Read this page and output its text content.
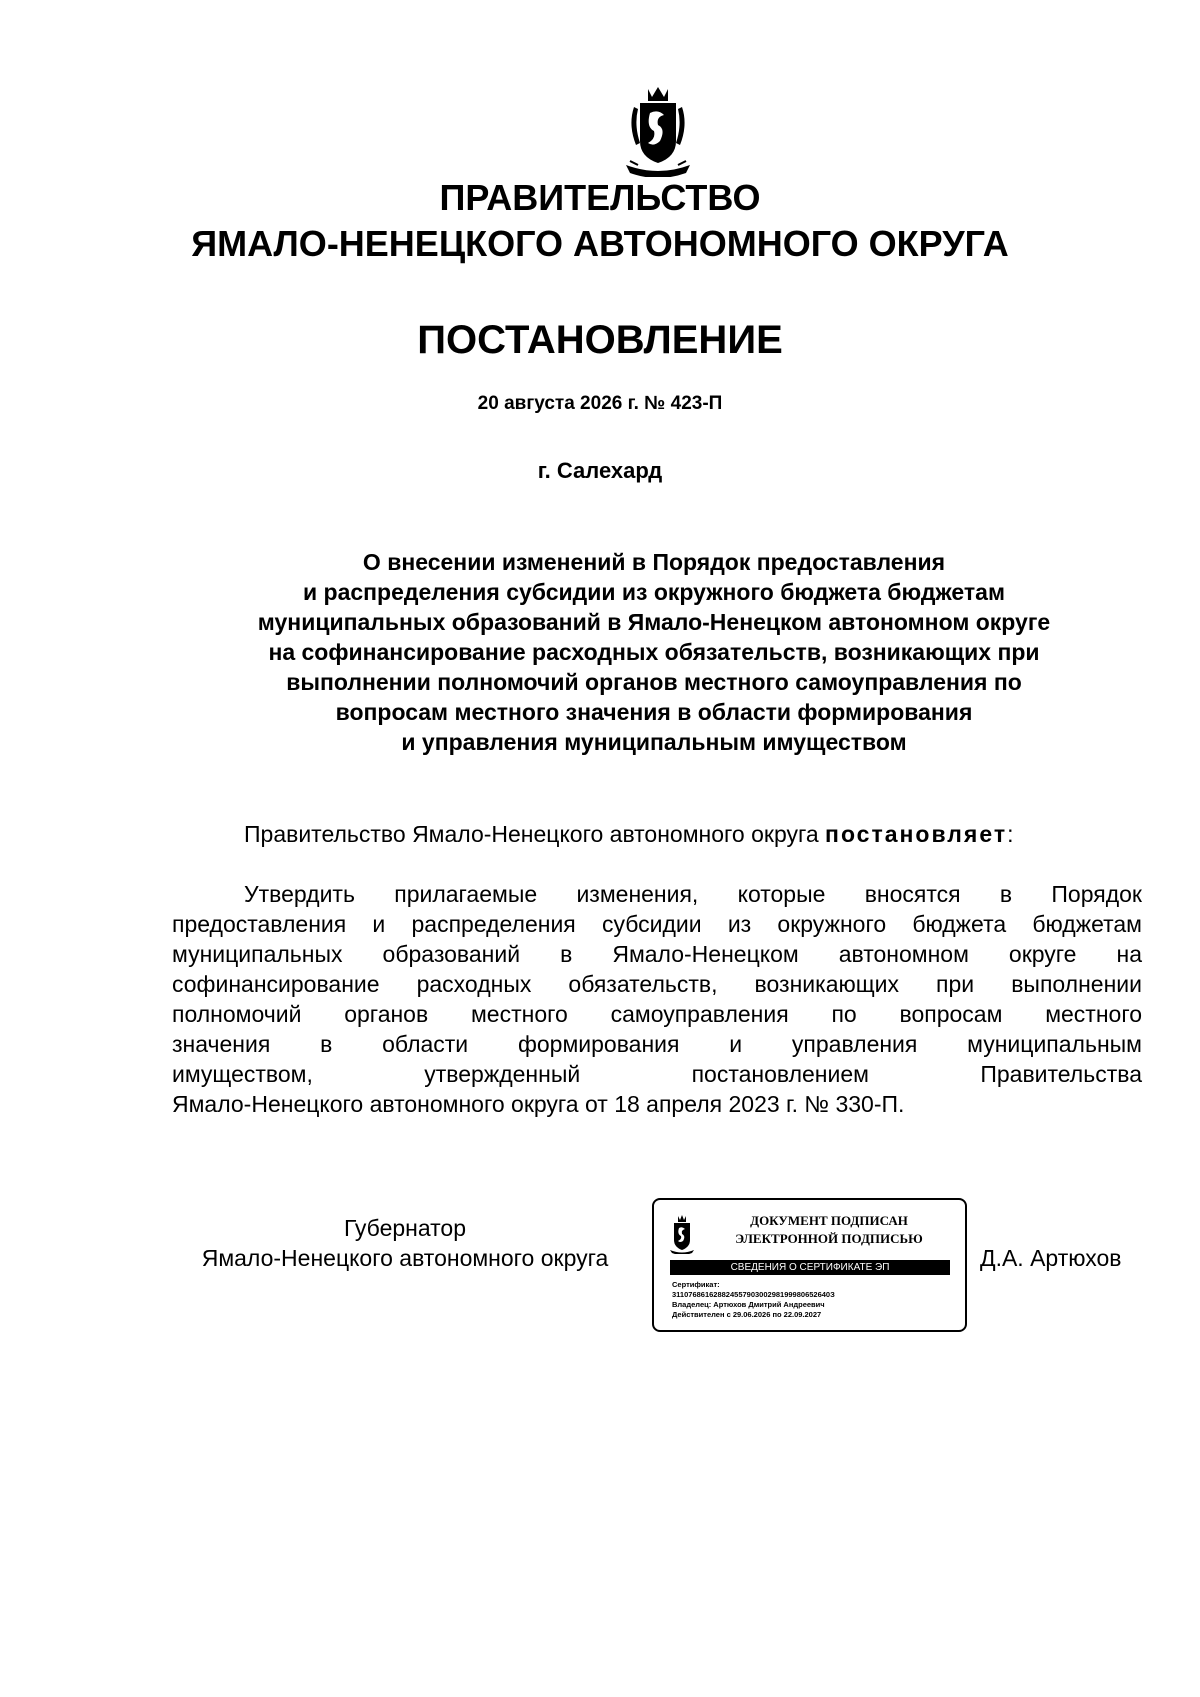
ПРАВИТЕЛЬСТВО
ЯМАЛО-НЕНЕЦКОГО АВТОНОМНОГО ОКРУГА
ПОСТАНОВЛЕНИЕ
20 августа 2026 г. № 423-П
г. Салехард
О внесении изменений в Порядок предоставления
и распределения субсидии из окружного бюджета бюджетам
муниципальных образований в Ямало-Ненецком автономном округе
на софинансирование расходных обязательств, возникающих при
выполнении полномочий органов местного самоуправления по
вопросам местного значения в области формирования
и управления муниципальным имуществом
Правительство Ямало-Ненецкого автономного округа постановляет:
Утвердить прилагаемые изменения, которые вносятся в Порядок
предоставления и распределения субсидии из окружного бюджета бюджетам
муниципальных образований в Ямало-Ненецком автономном округе на
софинансирование расходных обязательств, возникающих при выполнении
полномочий органов местного самоуправления по вопросам местного
значения в области формирования и управления муниципальным
имуществом, утвержденный постановлением Правительства
Ямало-Ненецкого автономного округа от 18 апреля 2023 г. № 330-П.
Губернатор
Ямало-Ненецкого автономного округа
ДОКУМЕНТ ПОДПИСАН
ЭЛЕКТРОННОЙ ПОДПИСЬЮ
СВЕДЕНИЯ О СЕРТИФИКАТЕ ЭП
Сертификат:
31107686162882455790300298199980652640З
Владелец: Артюхов Дмитрий Андреевич
Действителен с 29.06.2026 по 22.09.2027
Д.А. Артюхов
